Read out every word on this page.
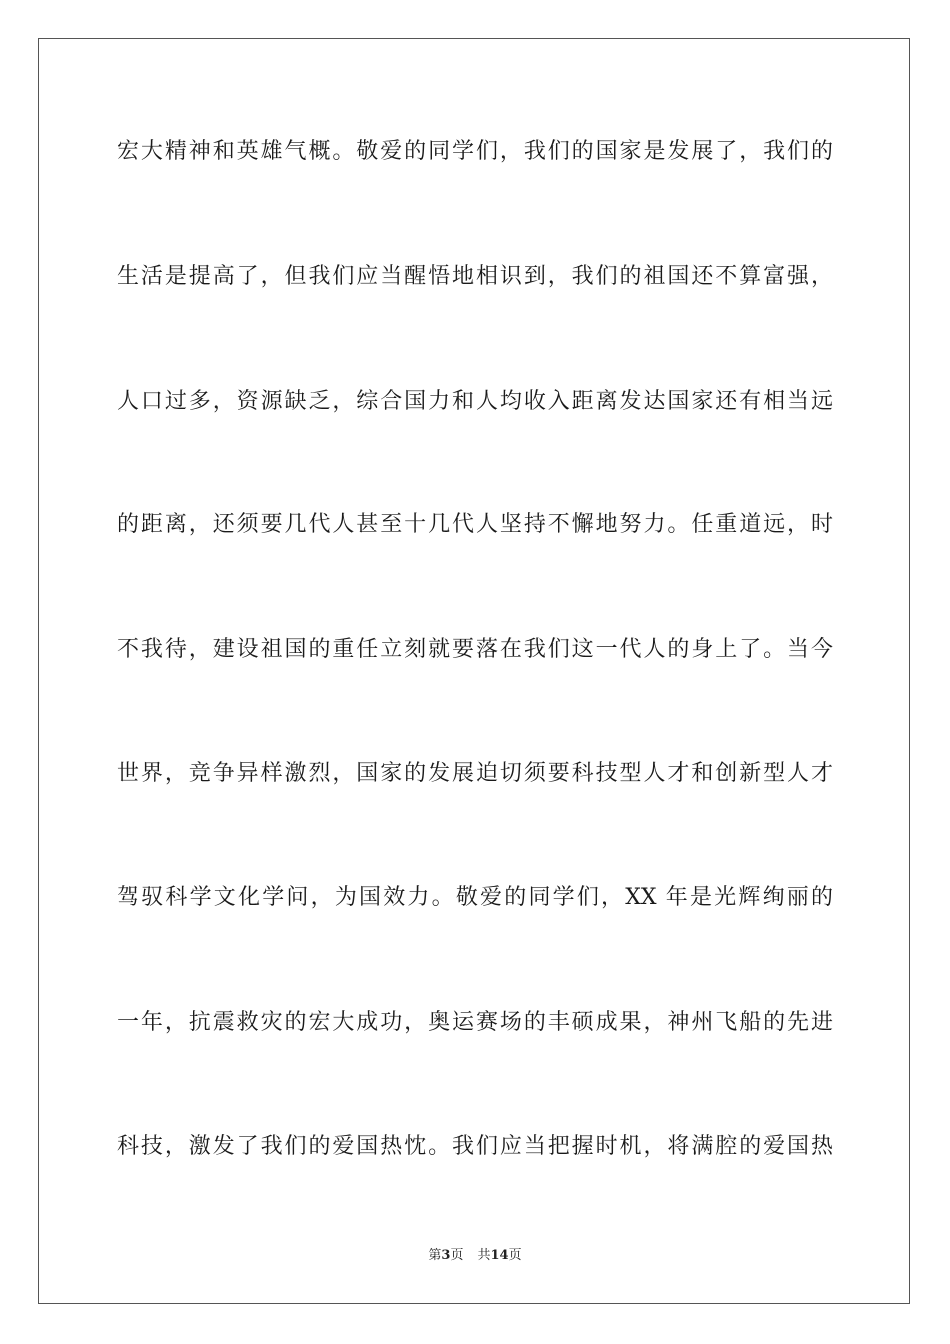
宏大精神和英雄气概。敬爱的同学们，我们的国家是发展了，我们的
生活是提高了，但我们应当醒悟地相识到，我们的祖国还不算富强，
人口过多，资源缺乏，综合国力和人均收入距离发达国家还有相当远
的距离，还须要几代人甚至十几代人坚持不懈地努力。任重道远，时
不我待，建设祖国的重任立刻就要落在我们这一代人的身上了。当今
世界，竞争异样激烈，国家的发展迫切须要科技型人才和创新型人才
驾驭科学文化学问，为国效力。敬爱的同学们，XX 年是光辉绚丽的
一年，抗震救灾的宏大成功，奥运赛场的丰硕成果，神州飞船的先进
科技，激发了我们的爱国热忱。我们应当把握时机，将满腔的爱国热
第3页 共14页
